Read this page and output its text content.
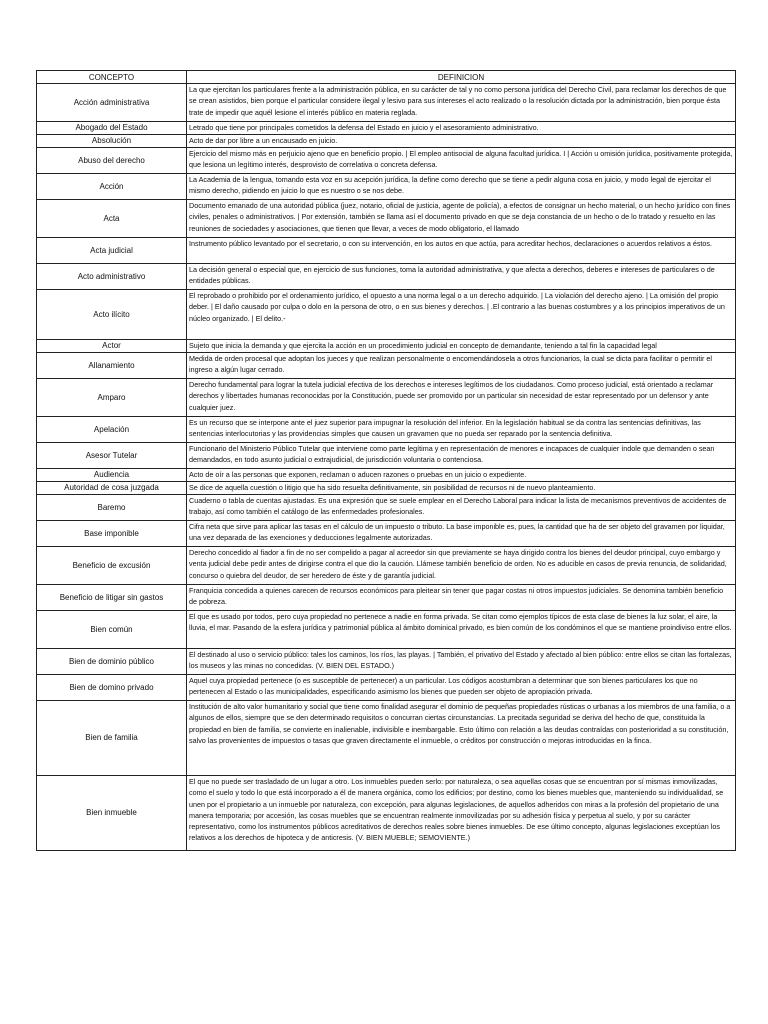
CONCEPTO	DEFINICION
Acción administrativa	La que ejercitan los particulares frente a la administración pública, en su carácter de tal y no como persona jurídica del Derecho Civil, para reclamar los derechos de que se crean asistidos, bien porque el particular considere ilegal y lesivo para sus intereses el acto realizado o la resolución dictada por la administración, bien porque ésta trate de impedir que aquél lesione el interés público en materia reglada.

Abogado del Estado	Letrado que tiene por principales cometidos la defensa del Estado en juicio y el asesoramiento administrativo.

Absolución	Acto de dar por libre a un encausado en juicio.

Abuso del derecho	Ejercicio del mismo más en perjuicio ajeno que en beneficio propio. | El empleo antisocial de alguna facultad jurídica. I | Acción u omisión jurídica, positivamente protegida, que lesiona un legítimo interés, desprovisto de correlativa o concreta defensa.

Acción	La Academia de la lengua, tomando esta voz en su acepción jurídica, la define como derecho que se tiene a pedir alguna cosa en juicio, y modo legal de ejercitar el mismo derecho, pidiendo en juicio lo que es nuestro o se nos debe.

Acta	Documento emanado de una autoridad pública (juez, notario, oficial de justicia, agente de policía), a efectos de consignar un hecho material, o un hecho jurídico con fines civiles, penales o administrativos. | Por extensión, también se llama así el documento privado en que se deja constancia de un hecho o de lo tratado y resuelto en las reuniones de sociedades y asociaciones, que tienen que llevar, a veces de modo obligatorio, el llamado

Acta judicial	Instrumento público levantado por el secretario, o con su intervención, en los autos en que actúa, para acreditar hechos, declaraciones o acuerdos relativos a éstos.

Acto administrativo	La decisión general o especial que, en ejercicio de sus funciones, toma la autoridad administrativa, y que afecta a derechos, deberes e intereses de particulares o de entidades públicas.

Acto ilícito	El reprobado o prohibido por el ordenamiento jurídico, el opuesto a una norma legal o a un derecho adquirido. | La violación del derecho ajeno. | La omisión del propio deber. | El daño causado por culpa o dolo en la persona de otro, o en sus bienes y derechos. | .El contrario a las buenas costumbres y a los principios imperativos de un núcleo organizado. | El delito.-

Actor	Sujeto que inicia la demanda y que ejercita la acción en un procedimiento judicial en concepto de demandante, teniendo a tal fin la capacidad legal

Allanamiento	Medida de orden procesal que adoptan los jueces y que realizan personalmente o encomendándosela a otros funcionarios, la cual se dicta para facilitar o permitir el ingreso a algún lugar cerrado.

Amparo	Derecho fundamental para lograr la tutela judicial efectiva de los derechos e intereses legítimos de los ciudadanos. Como proceso judicial, está orientado a reclamar derechos y libertades humanas reconocidas por la Constitución, puede ser promovido por un particular sin necesidad de estar representado por un defensor y ante cualquier juez.

Apelación	Es un recurso que se interpone ante el juez superior para impugnar la resolución del inferior. En la legislación habitual se da contra las sentencias definitivas, las sentencias interlocutorias y las providencias simples que causen un gravamen que no pueda ser reparado por la sentencia definitiva.

Asesor Tutelar	Funcionario del Ministerio Público Tutelar que interviene como parte legítima y en representación de menores e incapaces de cualquier índole que demanden o sean demandados, en todo asunto judicial o extrajudicial, de jurisdicción voluntaria o contenciosa.

Audiencia	Acto de oír a las personas que exponen, reclaman o aducen razones o pruebas en un juicio o expediente.

Autoridad de cosa juzgada	Se dice de aquella cuestión o litigio que ha sido resuelta definitivamente, sin posibilidad de recursos ni de nuevo planteamiento.

Baremo	Cuaderno o tabla de cuentas ajustadas. Es una expresión que se suele emplear en el Derecho Laboral para indicar la lista de mecanismos preventivos de accidentes de trabajo, así como también el catálogo de las enfermedades profesionales.

Base imponible	Cifra neta que sirve para aplicar las tasas en el cálculo de un impuesto o tributo. La base imponible es, pues, la cantidad que ha de ser objeto del gravamen por liquidar, una vez deparada de las exenciones y deducciones legalmente autorizadas.

Beneficio de excusión	Derecho concedido al fiador a fin de no ser compelido a pagar al acreedor sin que previamente se haya dirigido contra los bienes del deudor principal, cuyo embargo y venta judicial debe pedir antes de dirigirse contra el que dio la caución. Llámese también beneficio de orden. No es aducible en casos de previa renuncia, de solidaridad, concurso o quiebra del deudor, de ser heredero de éste y de garantía judicial.

Beneficio de litigar sin gastos	Franquicia concedida a quienes carecen de recursos económicos para pleitear sin tener que pagar costas ni otros impuestos judiciales. Se denomina también beneficio de pobreza.

Bien común	El que es usado por todos, pero cuya propiedad no pertenece a nadie en forma privada. Se citan como ejemplos típicos de esta clase de bienes la luz solar, el aire, la lluvia, el mar. Pasando de la esfera jurídica y patrimonial pública al ámbito dominical privado, es bien común de los condóminos el que se mantiene proindiviso entre ellos.

Bien de dominio público	El destinado al uso o servicio público: tales los caminos, los ríos, las playas. | También, el privativo del Estado y afectado al bien público: entre ellos se citan las fortalezas, los museos y las minas no concedidas. (V. BIEN DEL ESTADO.)

Bien de domino privado	Aquel cuya propiedad pertenece (o es susceptible de pertenecer) a un particular. Los códigos acostumbran a determinar que son bienes particulares los que no pertenecen al Estado o las municipalidades, especificando asimismo los bienes que pueden ser objeto de apropiación privada.

Bien de familia	Institución de alto valor humanitario y social que tiene como finalidad asegurar el dominio de pequeñas propiedades rústicas o urbanas a los miembros de una familia, o a algunos de ellos, siempre que se den determinado requisitos o concurran ciertas circunstancias. La precitada seguridad se deriva del hecho de que, constituida la propiedad en bien de familia, se convierte en inalienable, indivisible e inembargable. Esto último con relación a las deudas contraídas con posterioridad a su constitución, salvo las provenientes de impuestos o tasas que graven directamente el inmueble, o créditos por construcción o mejoras introducidas en la finca.

Bien inmueble	El que no puede ser trasladado de un lugar a otro. Los inmuebles pueden serlo: por naturaleza, o sea aquellas cosas que se encuentran por sí mismas inmovilizadas, como el suelo y todo lo que está incorporado a él de manera orgánica, como los edificios; por destino, como los bienes muebles que, manteniendo su individualidad, se unen por el propietario a un inmueble por naturaleza, con excepción, para algunas legislaciones, de aquellos adheridos con miras a la profesión del propietario de una manera temporaria; por accesión, las cosas muebles que se encuentran realmente inmovilizadas por su adhesión física y perpetua al suelo, y por su carácter representativo, como los instrumentos públicos acreditativos de derechos reales sobre bienes inmuebles. De ese último concepto, algunas legislaciones exceptúan los relativos a los derechos de hipoteca y de anticresis. (V. BIEN MUEBLE; SEMOVIENTE.)
